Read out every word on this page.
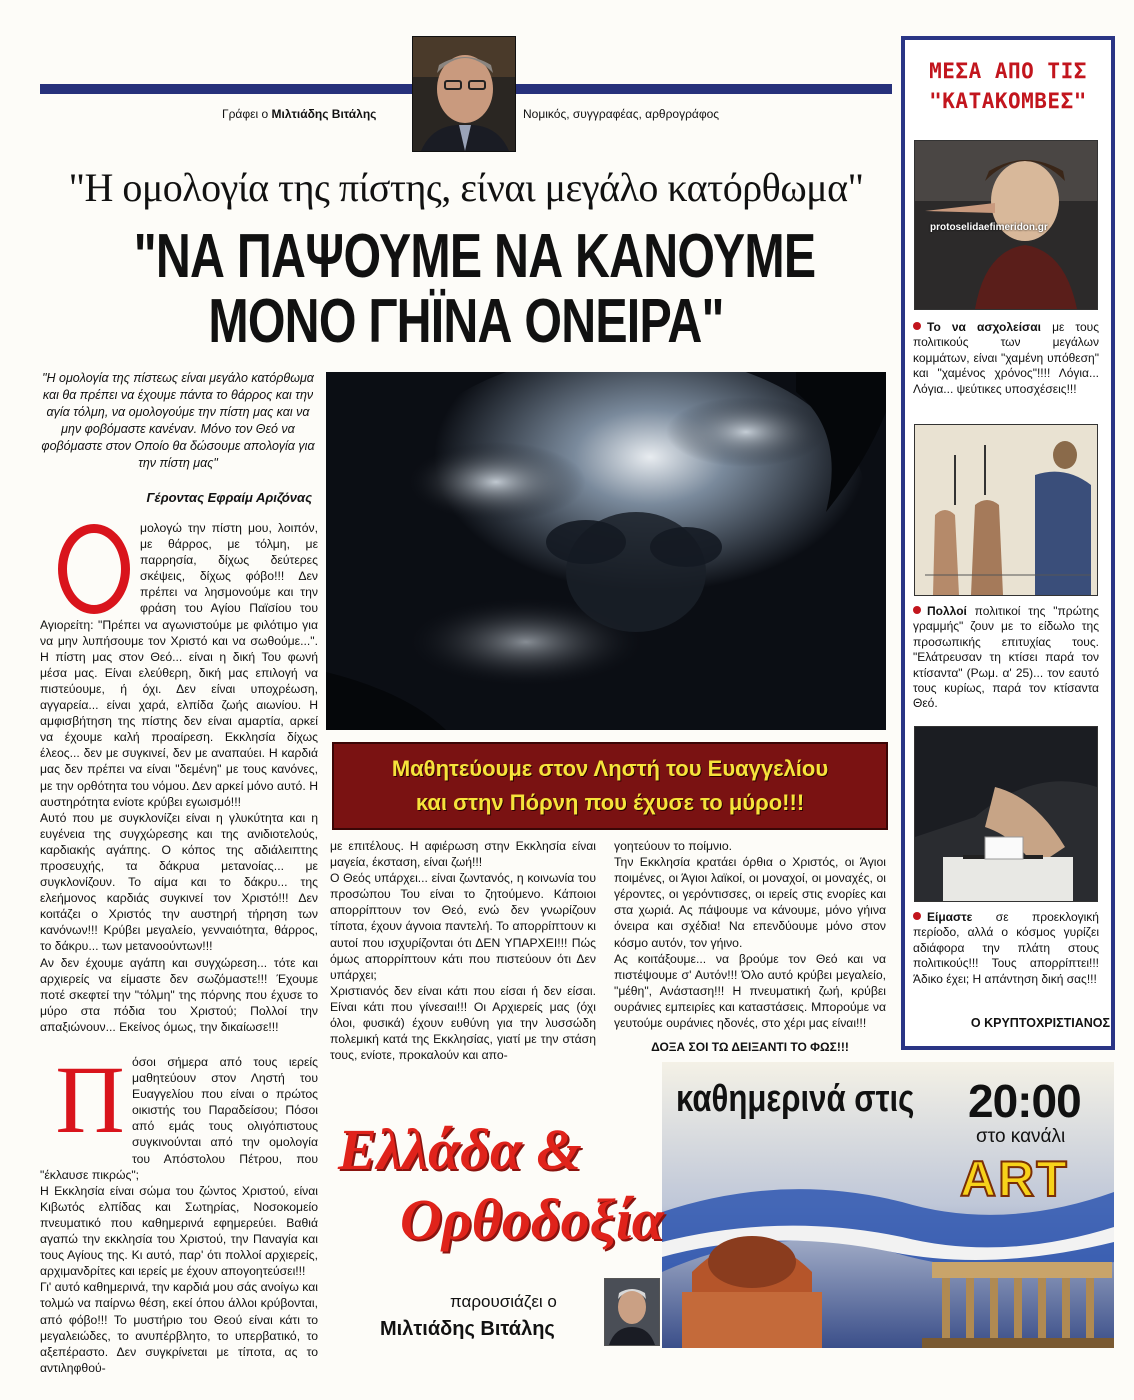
Γράφει ο Μιλτιάδης Βιτάλης	Νομικός, συγγραφέας, αρθρογράφος
"Η ομολογία της πίστης, είναι μεγάλο κατόρθωμα"
"ΝΑ ΠΑΨΟΥΜΕ ΝΑ ΚΑΝΟΥΜΕ
ΜΟΝΟ ΓΗΪΝΑ ΟΝΕΙΡΑ"
"Η ομολογία της πίστεως είναι μεγάλο κατόρθωμα και θα πρέπει να έχουμε πάντα το θάρρος και την αγία τόλμη, να ομολογούμε την πίστη μας και να μην φοβόμαστε κανέναν. Μόνο τον Θεό να φοβόμαστε στον Οποίο θα δώσουμε απολογία για την πίστη μας"
Γέροντας Εφραίμ Αριζόνας
Μαθητεύουμε στον Ληστή του Ευαγγελίου
και στην Πόρνη που έχυσε το μύρο!!!

μολογώ την πίστη μου, λοιπόν, με θάρρος, με τόλμη, με παρρησία, δίχως δεύτερες σκέψεις, δίχως φόβο!!! Δεν πρέπει να λησμονούμε και την φράση του Αγίου Παϊσίου του Αγιορείτη: "Πρέπει να αγωνιστούμε με φιλότιμο για να μην λυπήσουμε τον Χριστό και να σωθούμε...". Η πίστη μας στον Θεό... είναι η δική Του φωνή μέσα μας. Είναι ελεύθερη, δική μας επιλογή να πιστεύουμε, ή όχι. Δεν είναι υποχρέωση, αγγαρεία... είναι χαρά, ελπίδα ζωής αιωνίου. Η αμφισβήτηση της πίστης δεν είναι αμαρτία, αρκεί να έχουμε καλή προαίρεση. Εκκλησία δίχως έλεος... δεν με συγκινεί, δεν με αναπαύει. Η καρδιά μας δεν πρέπει να είναι "δεμένη" με τους κανόνες, με την ορθότητα του νόμου. Δεν αρκεί μόνο αυτό. Η αυστηρότητα ενίοτε κρύβει εγωισμό!!!

Αυτό που με συγκλονίζει είναι η γλυκύτητα και η ευγένεια της συγχώρεσης και της ανιδιοτελούς, καρδιακής αγάπης. Ο κόπος της αδιάλειπτης προσευχής, τα δάκρυα μετανοίας... με συγκλονίζουν. Το αίμα και το δάκρυ... της ελεήμονος καρδιάς συγκινεί τον Χριστό!!! Δεν κοιτάζει ο Χριστός την αυστηρή τήρηση των κανόνων!!! Κρύβει μεγαλείο, γενναιότητα, θάρρος, το δάκρυ... των μετανοούντων!!!

Αν δεν έχουμε αγάπη και συγχώρεση... τότε και αρχιερείς να είμαστε δεν σωζόμαστε!!! Έχουμε ποτέ σκεφτεί την "τόλμη" της πόρνης που έχυσε το μύρο στα πόδια του Χριστού; Πολλοί την απαξιώνουν... Εκείνος όμως, την δικαίωσε!!!

Π όσοι σήμερα από τους ιερείς μαθητεύουν στον Ληστή του Ευαγγελίου που είναι ο πρώτος οικιστής του Παραδείσου; Πόσοι από εμάς τους ολιγόπιστους συγκινούνται από την ομολογία του Απόστολου Πέτρου, που "έκλαυσε πικρώς";

Η Εκκλησία είναι σώμα του ζώντος Χριστού, είναι Κιβωτός ελπίδας και Σωτηρίας, Νοσοκομείο πνευματικό που καθημερινά εφημερεύει. Βαθιά αγαπώ την εκκλησία του Χριστού, την Παναγία και τους Αγίους της. Κι αυτό, παρ' ότι πολλοί αρχιερείς, αρχιμανδρίτες και ιερείς με έχουν απογοητεύσει!!!

Γι' αυτό καθημερινά, την καρδιά μου σάς ανοίγω και τολμώ να παίρνω θέση, εκεί όπου άλλοι κρύβονται, από φόβο!!! Το μυστήριο του Θεού είναι κάτι το μεγαλειώδες, το ανυπέρβλητο, το υπερβατικό, το αξεπέραστο. Δεν συγκρίνεται με τίποτα, ας το αντιληφθού-

με επιτέλους. Η αφιέρωση στην Εκκλησία είναι μαγεία, έκσταση, είναι ζωή!!!

Ο Θεός υπάρχει... είναι ζωντανός, η κοινωνία του προσώπου Του είναι το ζητούμενο. Κάποιοι απορρίπτουν τον Θεό, ενώ δεν γνωρίζουν τίποτα, έχουν άγνοια παντελή. Το απορρίπτουν κι αυτοί που ισχυρίζονται ότι ΔΕΝ ΥΠΑΡΧΕΙ!!! Πώς όμως απορρίπτουν κάτι που πιστεύουν ότι Δεν υπάρχει;

Χριστιανός δεν είναι κάτι που είσαι ή δεν είσαι. Είναι κάτι που γίνεσαι!!! Οι Αρχιερείς μας (όχι όλοι, φυσικά) έχουν ευθύνη για την λυσσώδη πολεμική κατά της Εκκλησίας, γιατί με την στάση τους, ενίοτε, προκαλούν και απο-

γοητεύουν το ποίμνιο.

Την Εκκλησία κρατάει όρθια ο Χριστός, οι Άγιοι ποιμένες, οι Άγιοι λαϊκοί, οι μοναχοί, οι μοναχές, οι γέροντες, οι γερόντισσες, οι ιερείς στις ενορίες και στα χωριά. Ας πάψουμε να κάνουμε, μόνο γήινα όνειρα και σχέδια! Να επενδύουμε μόνο στον κόσμο αυτόν, τον γήινο.

Ας κοιτάξουμε... να βρούμε τον Θεό και να πιστέψουμε σ' Αυτόν!!! Όλο αυτό κρύβει μεγαλείο, "μέθη", Ανάσταση!!! Η πνευματική ζωή, κρύβει ουράνιες εμπειρίες και καταστάσεις. Μπορούμε να γευτούμε ουράνιες ηδονές, στο χέρι μας είναι!!!

ΔΟΞΑ ΣΟΙ ΤΩ ΔΕΙΞΑΝΤΙ ΤΟ ΦΩΣ!!!
ΜΕΣΑ ΑΠΟ ΤΙΣ
"ΚΑΤΑΚΟΜΒΕΣ"
protoselidaefimeridon.gr
Το να ασχολείσαι με τους πολιτικούς των μεγάλων κομμάτων, είναι "χαμένη υπόθεση" και "χαμένος χρόνος"!!!! Λόγια... Λόγια... ψεύτικες υποσχέσεις!!!
Πολλοί πολιτικοί της "πρώτης γραμμής" ζουν με το είδωλο της προσωπικής επιτυχίας τους. "Ελάτρευσαν τη κτίσει παρά τον κτίσαντα" (Ρωμ. α' 25)... τον εαυτό τους κυρίως, παρά τον κτίσαντα Θεό.
Είμαστε σε προεκλογική περίοδο, αλλά ο κόσμος γυρίζει αδιάφορα την πλάτη στους πολιτικούς!!! Τους απορρίπτει!!! Άδικο έχει; Η απάντηση δική σας!!!
Ο ΚΡΥΠΤΟΧΡΙΣΤΙΑΝΟΣ
Ελλάδα &
Ορθοδοξία
παρουσιάζει ο
Μιλτιάδης Βιτάλης
καθημερινά στις 20:00
στο κανάλι
ART
